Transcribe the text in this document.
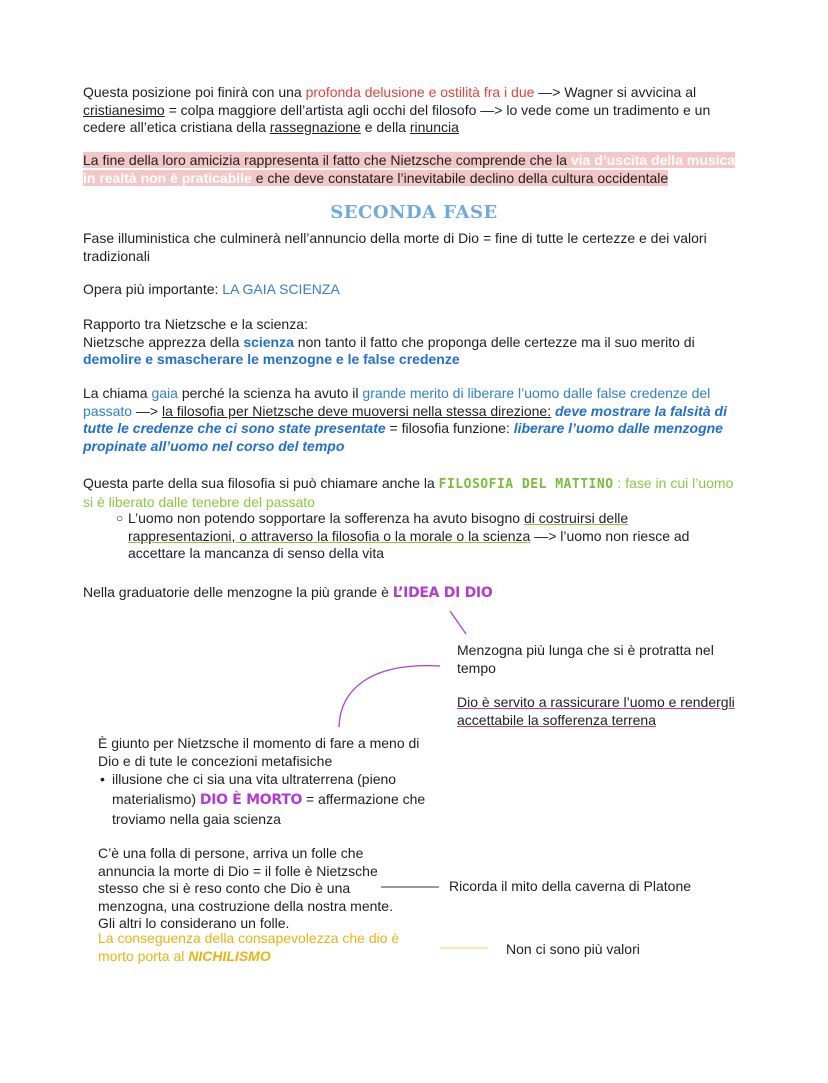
Questa posizione poi finirà con una profonda delusione e ostilità fra i due —> Wagner si avvicina al cristianesimo = colpa maggiore dell’artista agli occhi del filosofo —> lo vede come un tradimento e un cedere all’etica cristiana della rassegnazione e della rinuncia
La fine della loro amicizia rappresenta il fatto che Nietzsche comprende che la via d’uscita della musica in realtà non è praticabile e che deve constatare l’inevitabile declino della cultura occidentale
SECONDA FASE
Fase illuministica che culminerà nell’annuncio della morte di Dio = fine di tutte le certezze e dei valori tradizionali
Opera più importante: LA GAIA SCIENZA
Rapporto tra Nietzsche e la scienza:
Nietzsche apprezza della scienza non tanto il fatto che proponga delle certezze ma il suo merito di demolire e smascherare le menzogne e le false credenze
La chiama gaia perché la scienza ha avuto il grande merito di liberare l’uomo dalle false credenze del passato —> la filosofia per Nietzsche deve muoversi nella stessa direzione: deve mostrare la falsità di tutte le credenze che ci sono state presentate = filosofia funzione: liberare l’uomo dalle menzogne propinate all’uomo nel corso del tempo
Questa parte della sua filosofia si può chiamare anche la FILOSOFIA DEL MATTINO : fase in cui l’uomo si è liberato dalle tenebre del passato
○ L’uomo non potendo sopportare la sofferenza ha avuto bisogno di costruirsi delle rappresentazioni, o attraverso la filosofia o la morale o la scienza —> l’uomo non riesce ad accettare la mancanza di senso della vita
Nella graduatorie delle menzogne la più grande è L’IDEA DI DIO
Menzogna più lunga che si è protratta nel tempo
Dio è servito a rassicurare l’uomo e rendergli accettabile la sofferenza terrena
È giunto per Nietzsche il momento di fare a meno di Dio e di tute le concezioni metafisiche
• illusione che ci sia una vita ultraterrena (pieno materialismo) DIO È MORTO = affermazione che troviamo nella gaia scienza
C’è una folla di persone, arriva un folle che annuncia la morte di Dio = il folle è Nietzsche stesso che si è reso conto che Dio è una menzogna, una costruzione della nostra mente. Gli altri lo considerano un folle.
La conseguenza della consapevolezza che dio è morto porta al NICHILISMO
Ricorda il mito della caverna di Platone
Non ci sono più valori
